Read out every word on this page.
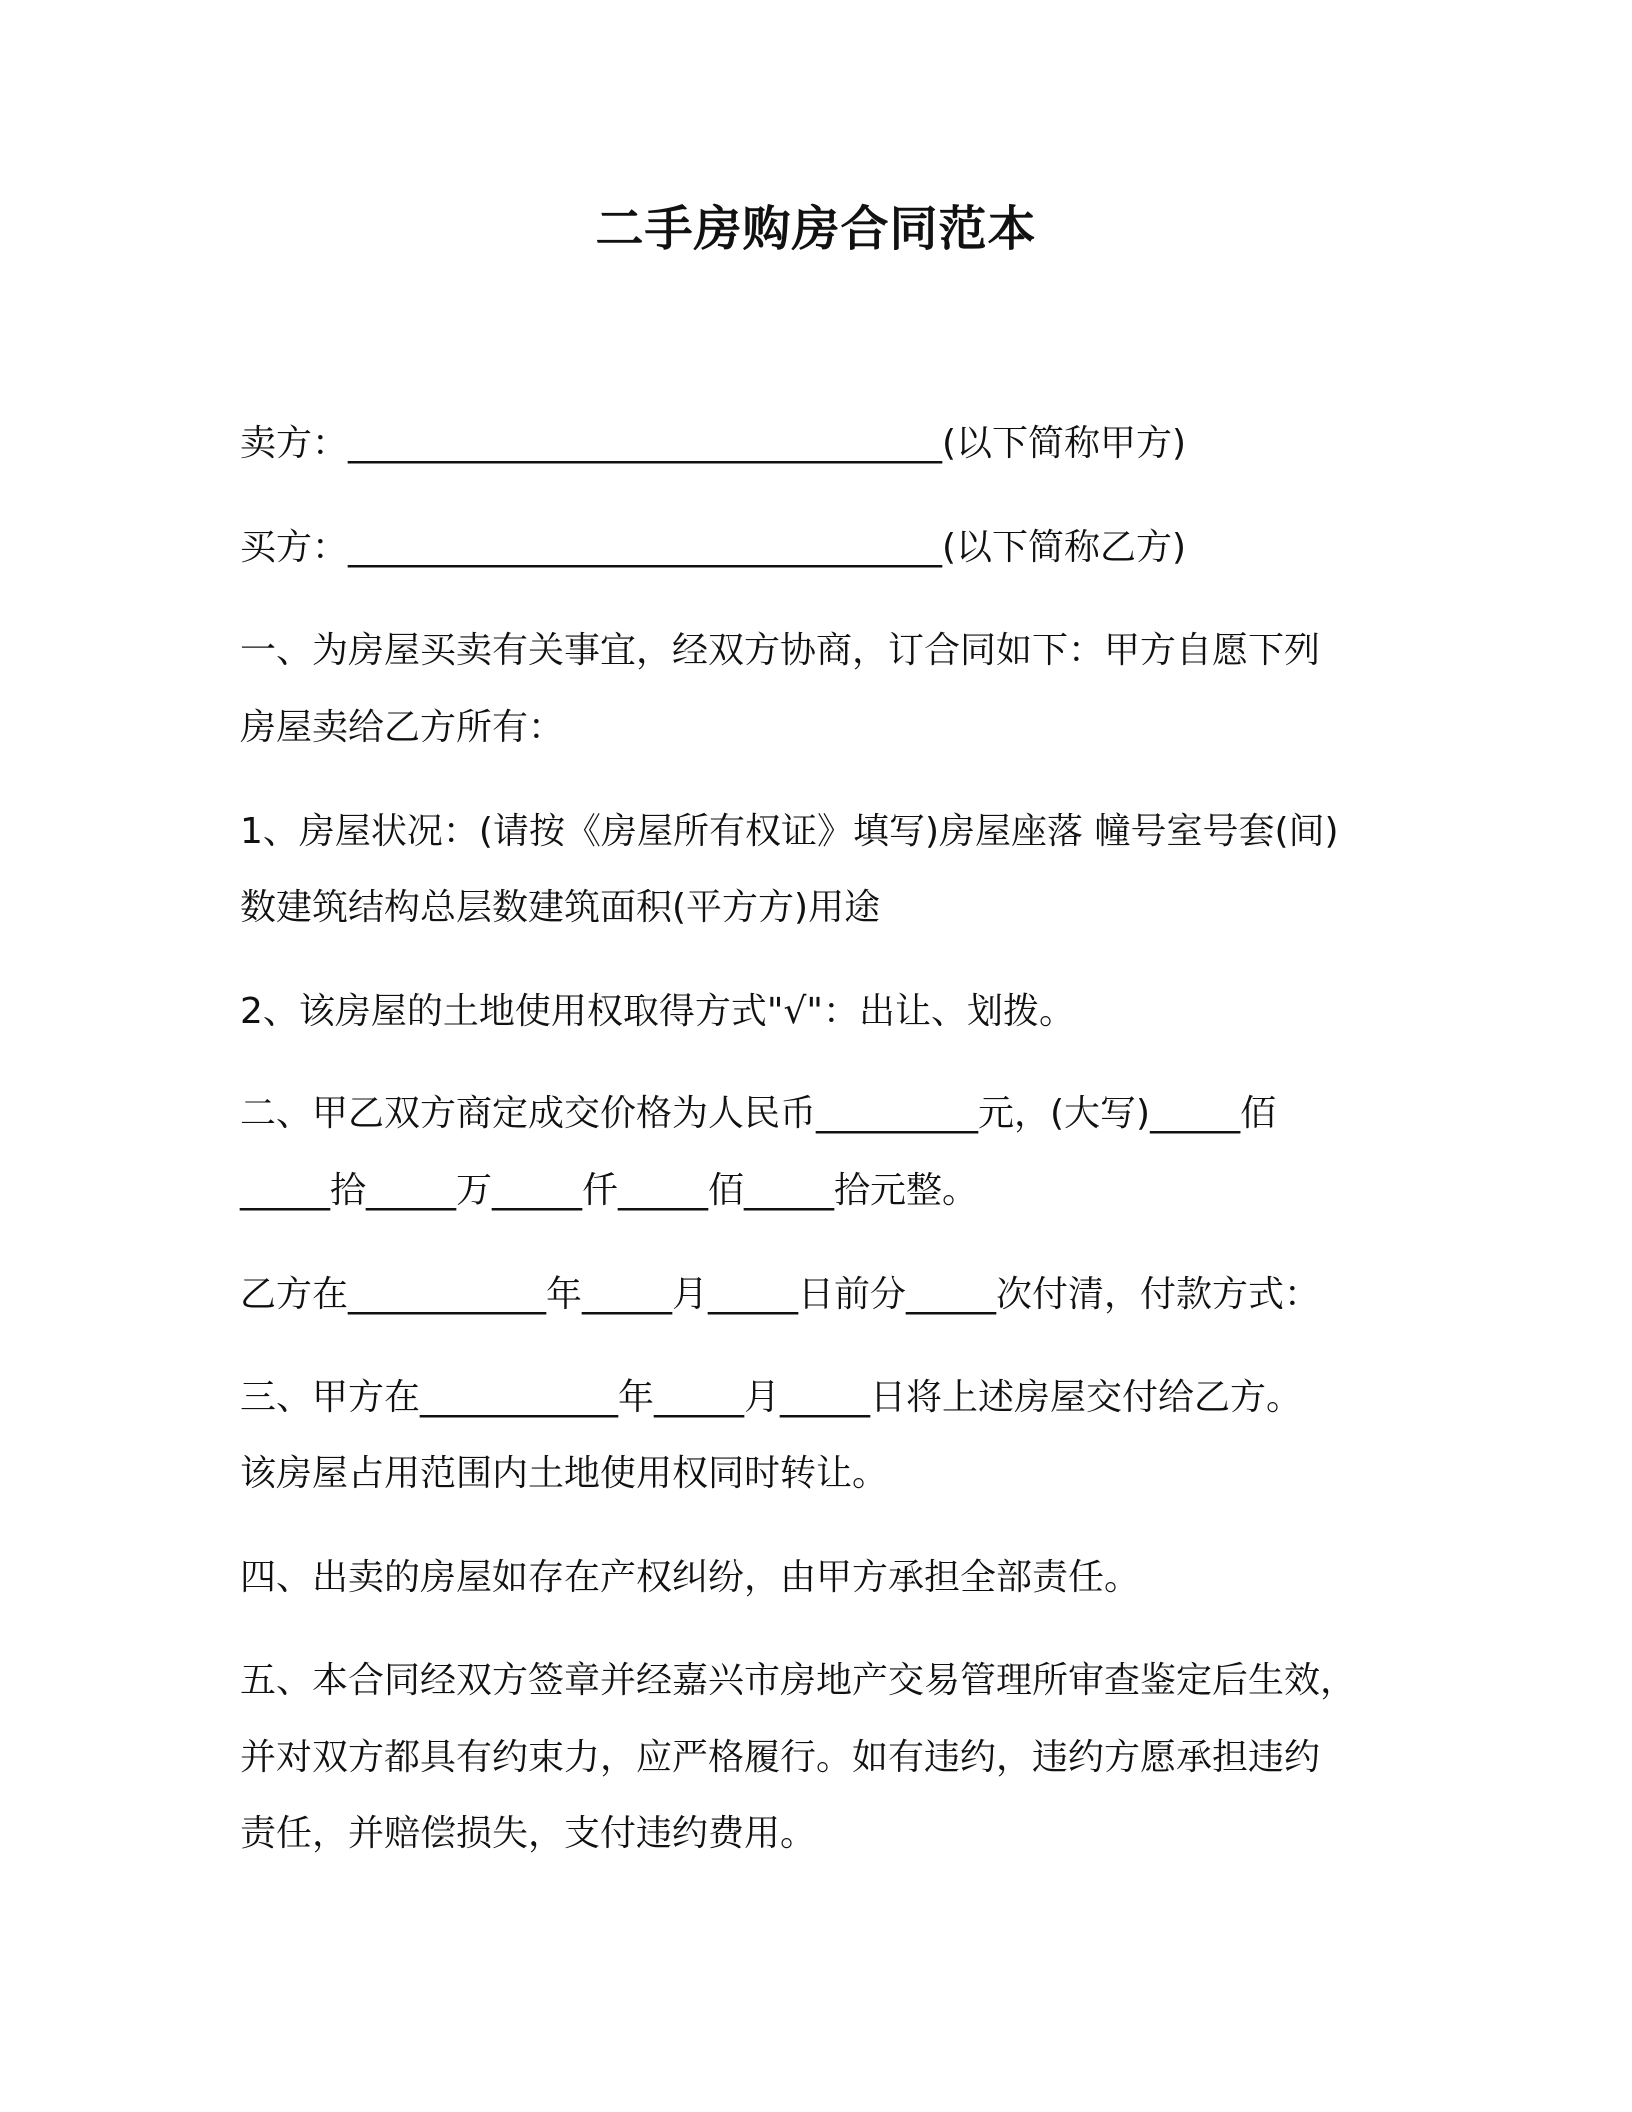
二手房购房合同范本
卖方：_________________________________(以下简称甲方)
买方：_________________________________(以下简称乙方)
一、为房屋买卖有关事宜，经双方协商，订合同如下：甲方自愿下列
房屋卖给乙方所有：
1、房屋状况：(请按《房屋所有权证》填写)房屋座落 幢号室号套(间)
数建筑结构总层数建筑面积(平方方)用途
2、该房屋的土地使用权取得方式"√"：出让、划拨。
二、甲乙双方商定成交价格为人民币_________元，(大写)_____佰
_____拾_____万_____仟_____佰_____拾元整。
乙方在___________年_____月_____日前分_____次付清，付款方式：
三、甲方在___________年_____月_____日将上述房屋交付给乙方。
该房屋占用范围内土地使用权同时转让。
四、出卖的房屋如存在产权纠纷，由甲方承担全部责任。
五、本合同经双方签章并经嘉兴市房地产交易管理所审查鉴定后生效，
并对双方都具有约束力，应严格履行。如有违约，违约方愿承担违约
责任，并赔偿损失，支付违约费用。
